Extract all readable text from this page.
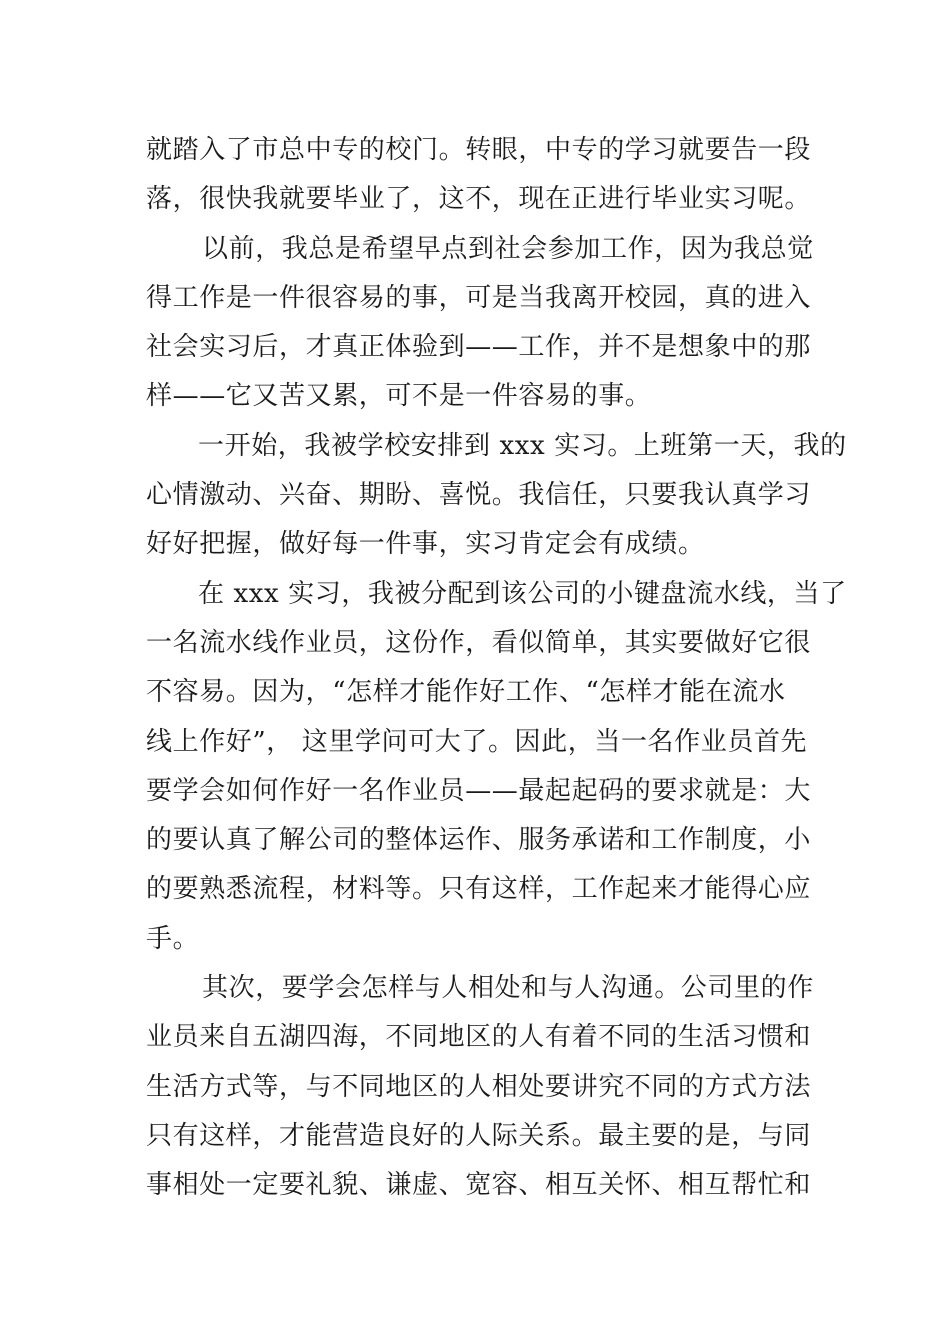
就踏入了市总中专的校门。转眼，中专的学习就要告一段
落，很快我就要毕业了，这不，现在正进行毕业实习呢。
以前，我总是希望早点到社会参加工作，因为我总觉
得工作是一件很容易的事，可是当我离开校园，真的进入
社会实习后，才真正体验到——工作，并不是想象中的那
样——它又苦又累，可不是一件容易的事。
一开始，我被学校安排到 xxx 实习。上班第一天，我的
心情激动、兴奋、期盼、喜悦。我信任，只要我认真学习
好好把握，做好每一件事，实习肯定会有成绩。
在 xxx 实习，我被分配到该公司的小键盘流水线，当了
一名流水线作业员，这份作，看似简单，其实要做好它很
不容易。因为，“怎样才能作好工作、“怎样才能在流水
线上作好”， 这里学问可大了。因此，当一名作业员首先
要学会如何作好一名作业员——最起起码的要求就是：大
的要认真了解公司的整体运作、服务承诺和工作制度，小
的要熟悉流程，材料等。只有这样，工作起来才能得心应
手。
其次，要学会怎样与人相处和与人沟通。公司里的作
业员来自五湖四海，不同地区的人有着不同的生活习惯和
生活方式等，与不同地区的人相处要讲究不同的方式方法
只有这样，才能营造良好的人际关系。最主要的是，与同
事相处一定要礼貌、谦虚、宽容、相互关怀、相互帮忙和
